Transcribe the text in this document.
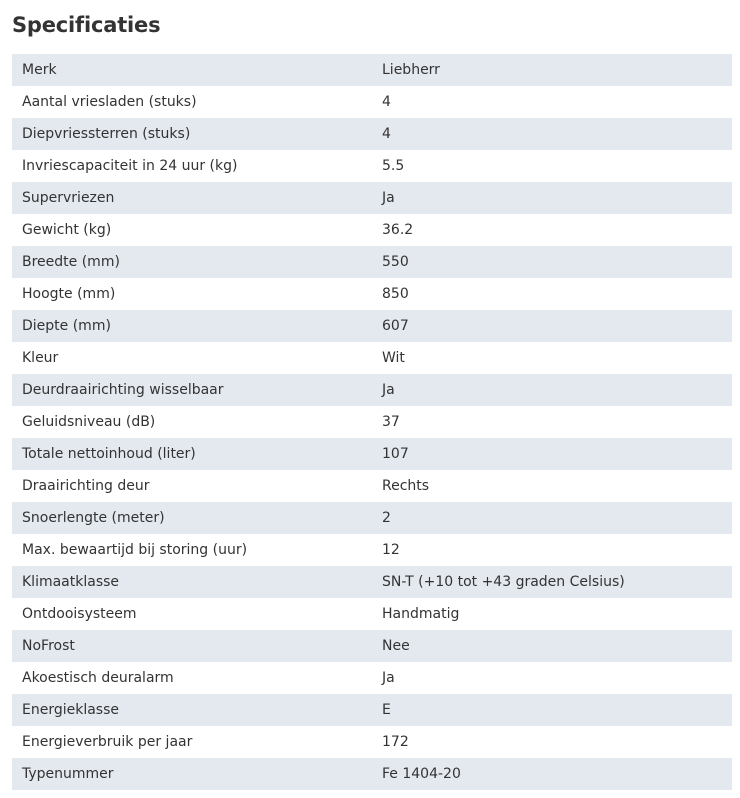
Specificaties
Merk	Liebherr
Aantal vriesladen (stuks)	4
Diepvriessterren (stuks)	4
Invriescapaciteit in 24 uur (kg)	5.5
Supervriezen	Ja
Gewicht (kg)	36.2
Breedte (mm)	550
Hoogte (mm)	850
Diepte (mm)	607
Kleur	Wit
Deurdraairichting wisselbaar	Ja
Geluidsniveau (dB)	37
Totale nettoinhoud (liter)	107
Draairichting deur	Rechts
Snoerlengte (meter)	2
Max. bewaartijd bij storing (uur)	12
Klimaatklasse	SN-T (+10 tot +43 graden Celsius)
Ontdooisysteem	Handmatig
NoFrost	Nee
Akoestisch deuralarm	Ja
Energieklasse	E
Energieverbruik per jaar	172
Typenummer	Fe 1404-20
